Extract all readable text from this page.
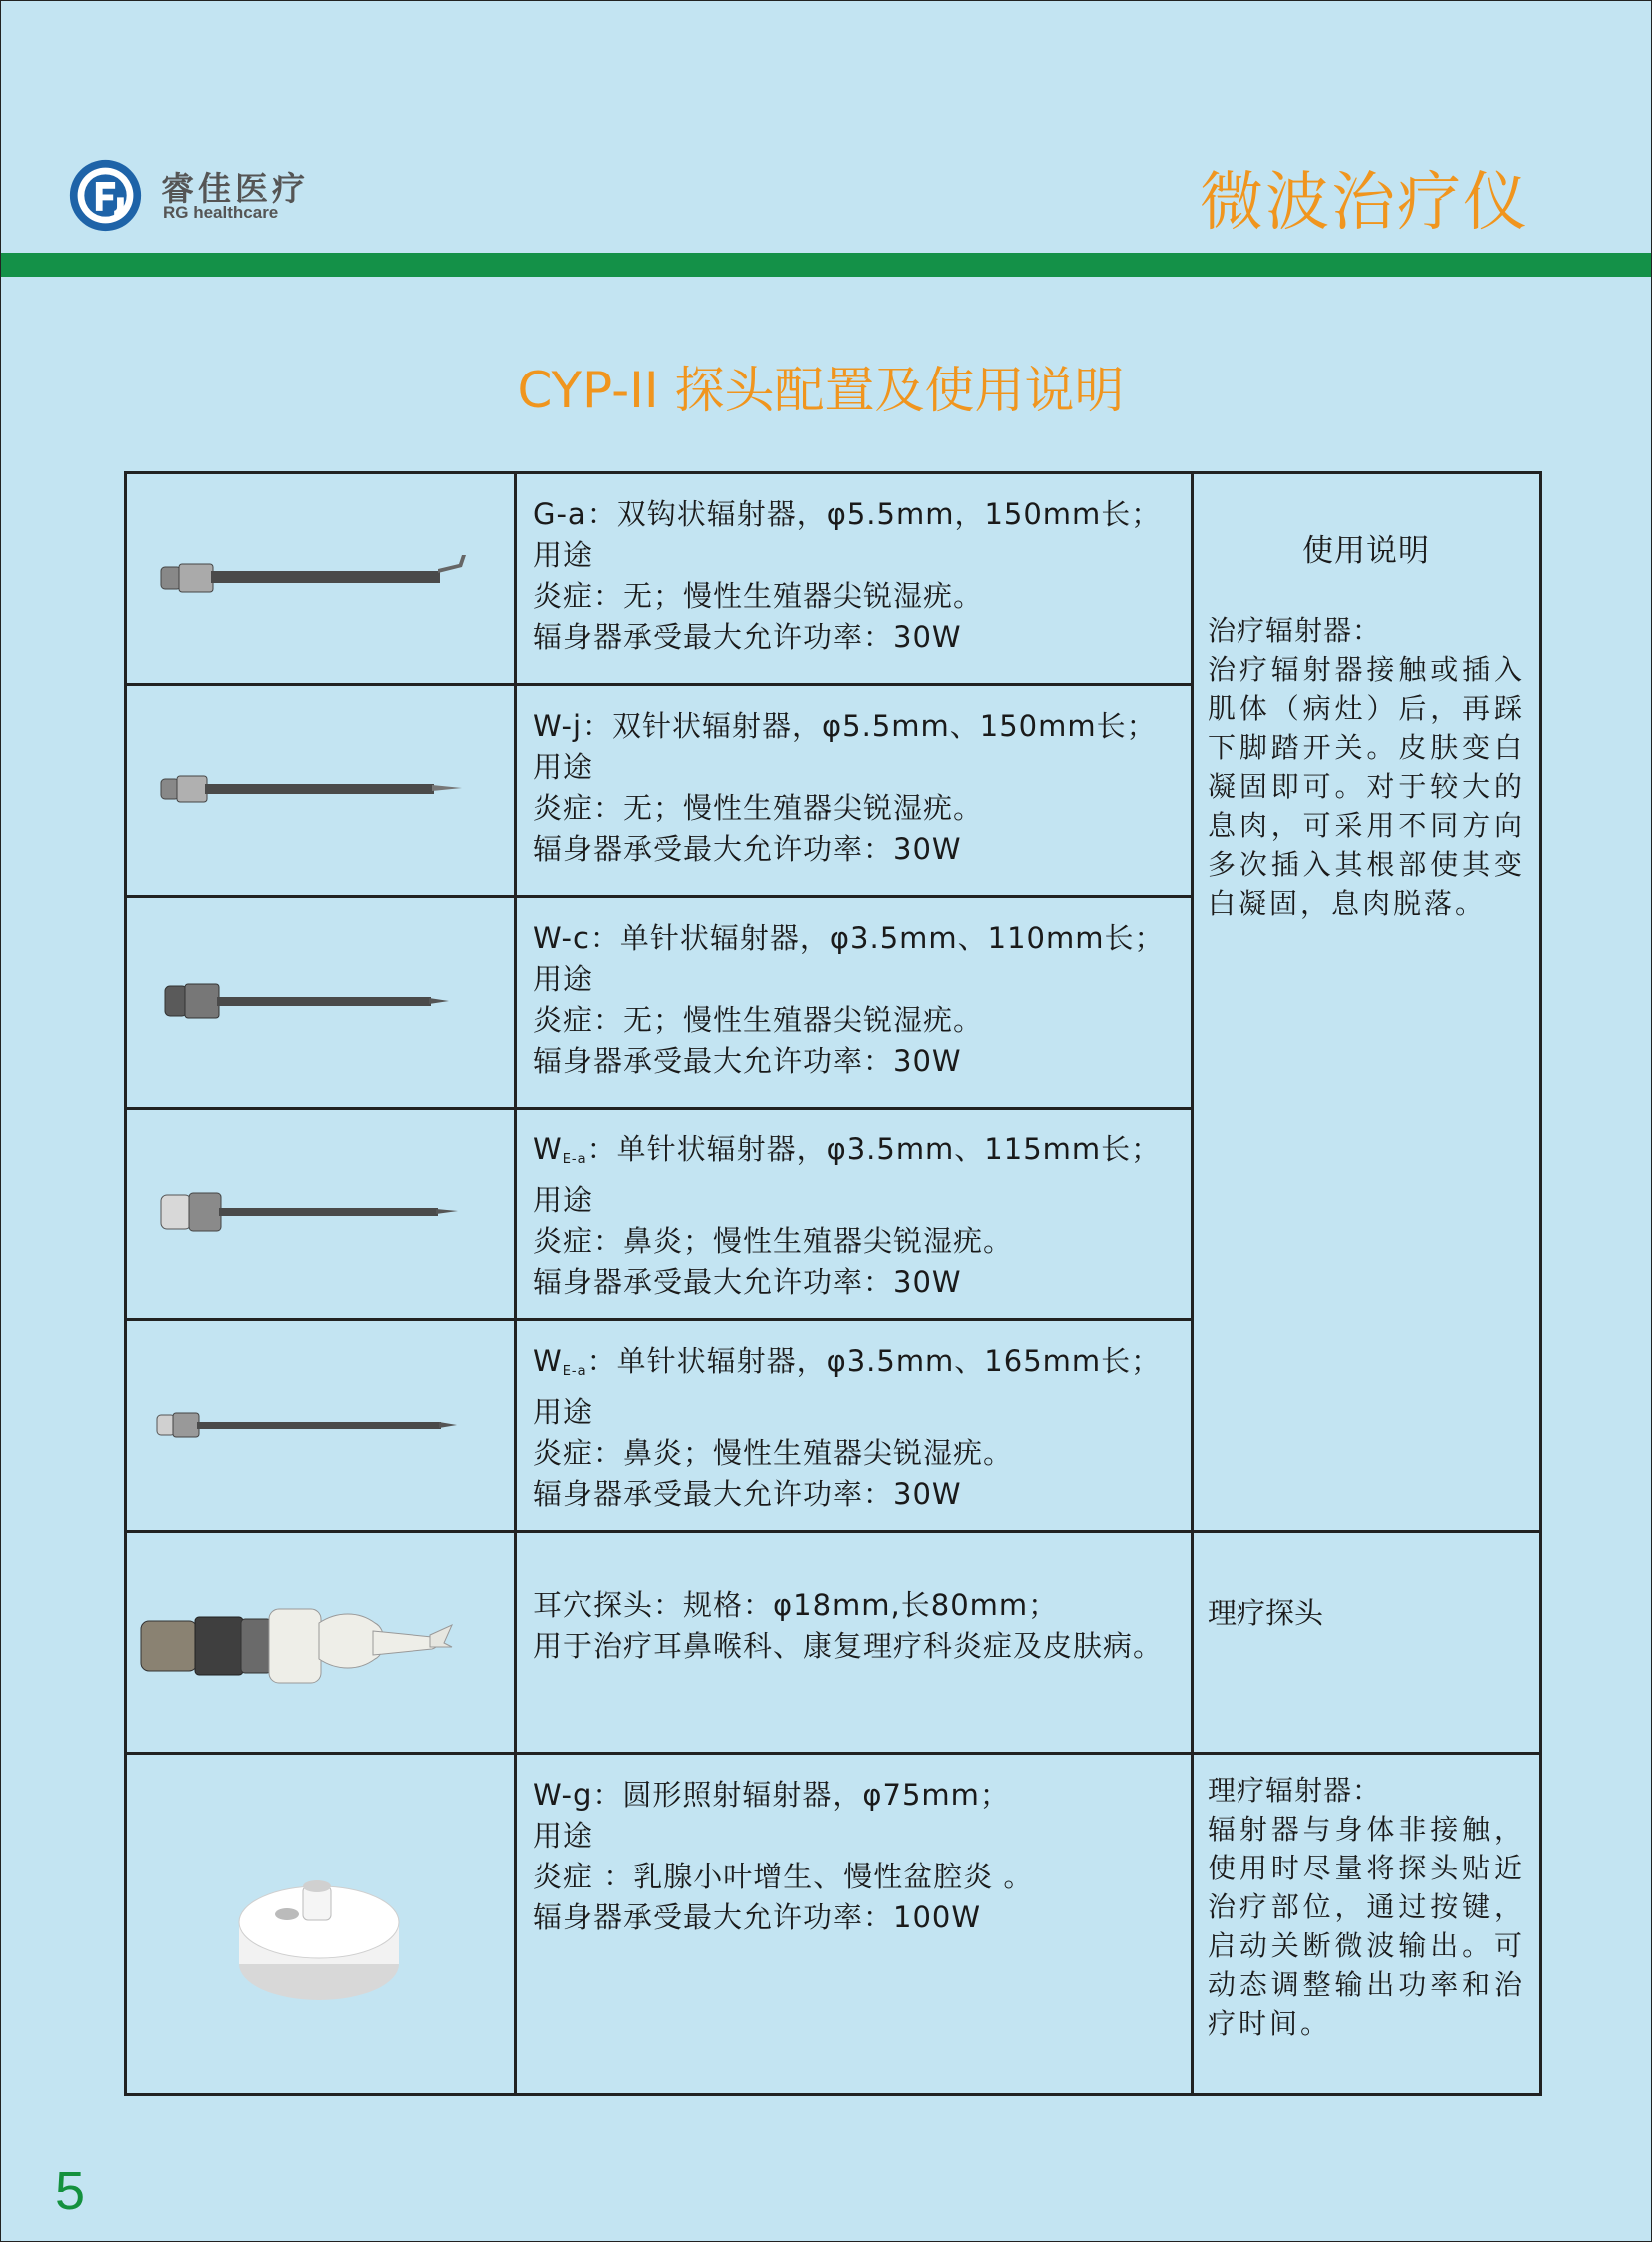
睿佳医疗
RG healthcare	微波治疗仪
CYP-II 探头配置及使用说明

G-a：双钩状辐射器，φ5.5mm，150mm长；
用途
炎症：无；慢性生殖器尖锐湿疣。
辐身器承受最大允许功率：30W	使用说明
治疗辐射器：
治疗辐射器接触或插入肌体（病灶）后，再踩下脚踏开关。皮肤变白凝固即可。对于较大的息肉，可采用不同方向多次插入其根部使其变白凝固，息肉脱落。

W-j：双针状辐射器，φ5.5mm、150mm长；
用途
炎症：无；慢性生殖器尖锐湿疣。
辐身器承受最大允许功率：30W	

W-c：单针状辐射器，φ3.5mm、110mm长；
用途
炎症：无；慢性生殖器尖锐湿疣。
辐身器承受最大允许功率：30W	

$W_{E-a}$：单针状辐射器，φ3.5mm、115mm长；
用途
炎症：鼻炎；慢性生殖器尖锐湿疣。
辐身器承受最大允许功率：30W	

$W_{E-a}$：单针状辐射器，φ3.5mm、165mm长；
用途
炎症：鼻炎；慢性生殖器尖锐湿疣。
辐身器承受最大允许功率：30W	

耳穴探头：规格：φ18mm,长80mm；
用于治疗耳鼻喉科、康复理疗科炎症及皮肤病。	理疗探头

W-g：圆形照射辐射器，φ75mm；
用途
炎症 ：乳腺小叶增生、慢性盆腔炎 。
辐身器承受最大允许功率：100W	理疗辐射器：
辐射器与身体非接触，使用时尽量将探头贴近治疗部位，通过按键，启动关断微波输出。可动态调整输出功率和治疗时间。
5
